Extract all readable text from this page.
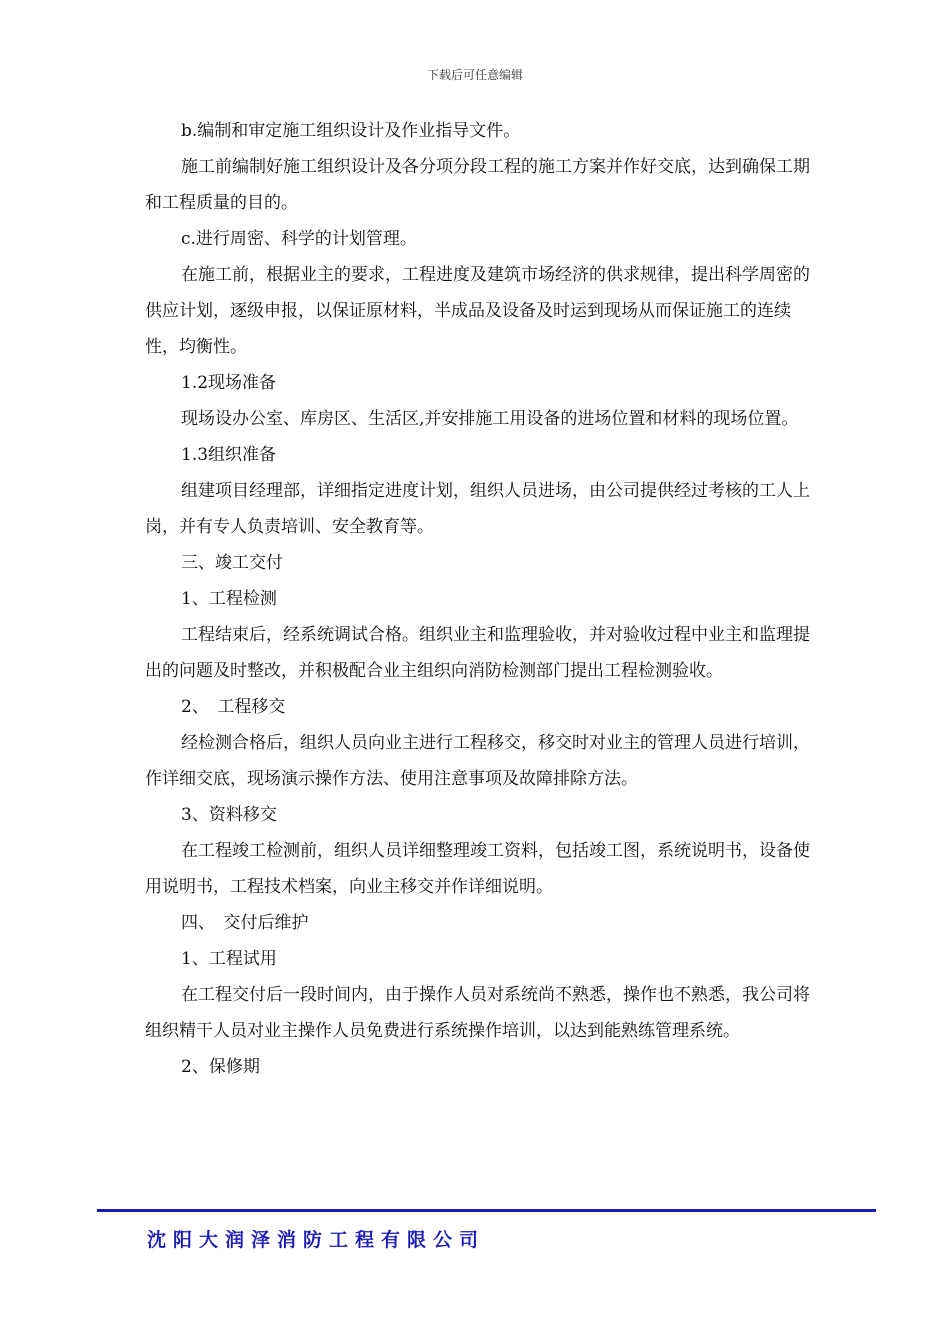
下载后可任意编辑

b.编制和审定施工组织设计及作业指导文件。

施工前编制好施工组织设计及各分项分段工程的施工方案并作好交底，达到确保工期和工程质量的目的。

c.进行周密、科学的计划管理。

在施工前，根据业主的要求，工程进度及建筑市场经济的供求规律，提出科学周密的供应计划，逐级申报，以保证原材料，半成品及设备及时运到现场从而保证施工的连续性，均衡性。

1.2现场准备

现场设办公室、库房区、生活区,并安排施工用设备的进场位置和材料的现场位置。

1.3组织准备

组建项目经理部，详细指定进度计划，组织人员进场，由公司提供经过考核的工人上岗，并有专人负责培训、安全教育等。

三、竣工交付

1、工程检测

工程结束后，经系统调试合格。组织业主和监理验收，并对验收过程中业主和监理提出的问题及时整改，并积极配合业主组织向消防检测部门提出工程检测验收。

2、　工程移交

经检测合格后，组织人员向业主进行工程移交，移交时对业主的管理人员进行培训，作详细交底，现场演示操作方法、使用注意事项及故障排除方法。

3、资料移交

在工程竣工检测前，组织人员详细整理竣工资料，包括竣工图，系统说明书，设备使用说明书，工程技术档案，向业主移交并作详细说明。

四、　交付后维护

1、工程试用

在工程交付后一段时间内，由于操作人员对系统尚不熟悉，操作也不熟悉，我公司将组织精干人员对业主操作人员免费进行系统操作培训，以达到能熟练管理系统。

2、保修期

沈阳大润泽消防工程有限公司
